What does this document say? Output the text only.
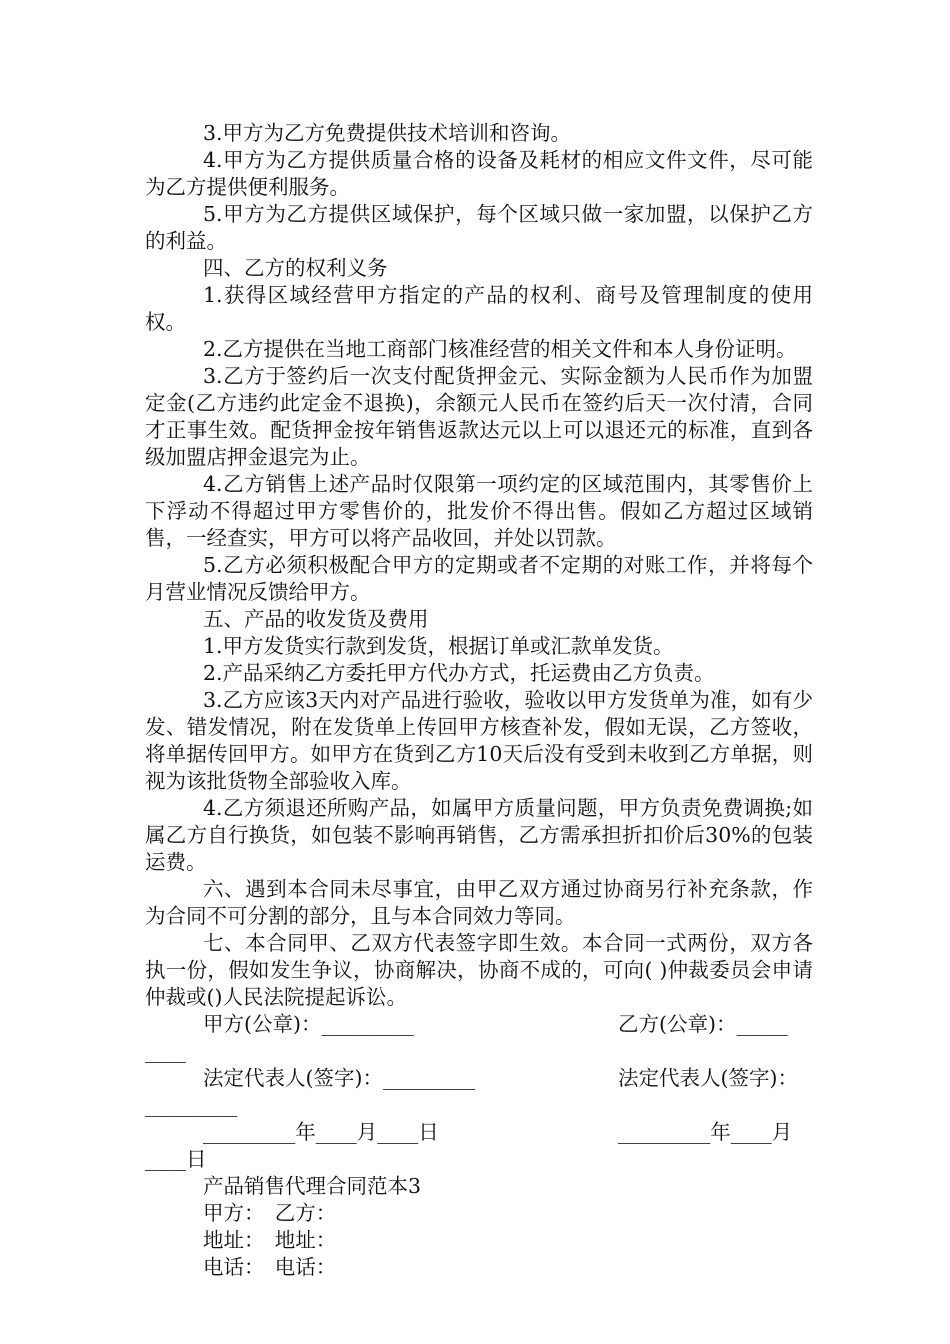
3.甲方为乙方免费提供技术培训和咨询。

4.甲方为乙方提供质量合格的设备及耗材的相应文件文件，尽可能为乙方提供便利服务。

5.甲方为乙方提供区域保护，每个区域只做一家加盟，以保护乙方的利益。

四、乙方的权利义务

1.获得区域经营甲方指定的产品的权利、商号及管理制度的使用权。

2.乙方提供在当地工商部门核准经营的相关文件和本人身份证明。

3.乙方于签约后一次支付配货押金元、实际金额为人民币作为加盟定金(乙方违约此定金不退换)，余额元人民币在签约后天一次付清，合同才正事生效。配货押金按年销售返款达元以上可以退还元的标准，直到各级加盟店押金退完为止。

4.乙方销售上述产品时仅限第一项约定的区域范围内，其零售价上下浮动不得超过甲方零售价的，批发价不得出售。假如乙方超过区域销售，一经查实，甲方可以将产品收回，并处以罚款。

5.乙方必须积极配合甲方的定期或者不定期的对账工作，并将每个月营业情况反馈给甲方。

五、产品的收发货及费用

1.甲方发货实行款到发货，根据订单或汇款单发货。

2.产品采纳乙方委托甲方代办方式，托运费由乙方负责。

3.乙方应该3天内对产品进行验收，验收以甲方发货单为准，如有少发、错发情况，附在发货单上传回甲方核查补发，假如无误，乙方签收，将单据传回甲方。如甲方在货到乙方10天后没有受到未收到乙方单据，则视为该批货物全部验收入库。

4.乙方须退还所购产品，如属甲方质量问题，甲方负责免费调换;如属乙方自行换货，如包装不影响再销售，乙方需承担折扣价后30%的包装运费。

六、遇到本合同未尽事宜，由甲乙双方通过协商另行补充条款，作为合同不可分割的部分，且与本合同效力等同。

七、本合同甲、乙双方代表签字即生效。本合同一式两份，双方各执一份，假如发生争议，协商解决，协商不成的，可向( )仲裁委员会申请仲裁或()人民法院提起诉讼。

甲方(公章)：_________	乙方(公章)：_____
____
法定代表人(签字)：_________	法定代表人(签字)：
_________
_________年____月____日	_________年____月
____日

产品销售代理合同范本3

甲方：　乙方：

地址：　地址：

电话：　电话：
